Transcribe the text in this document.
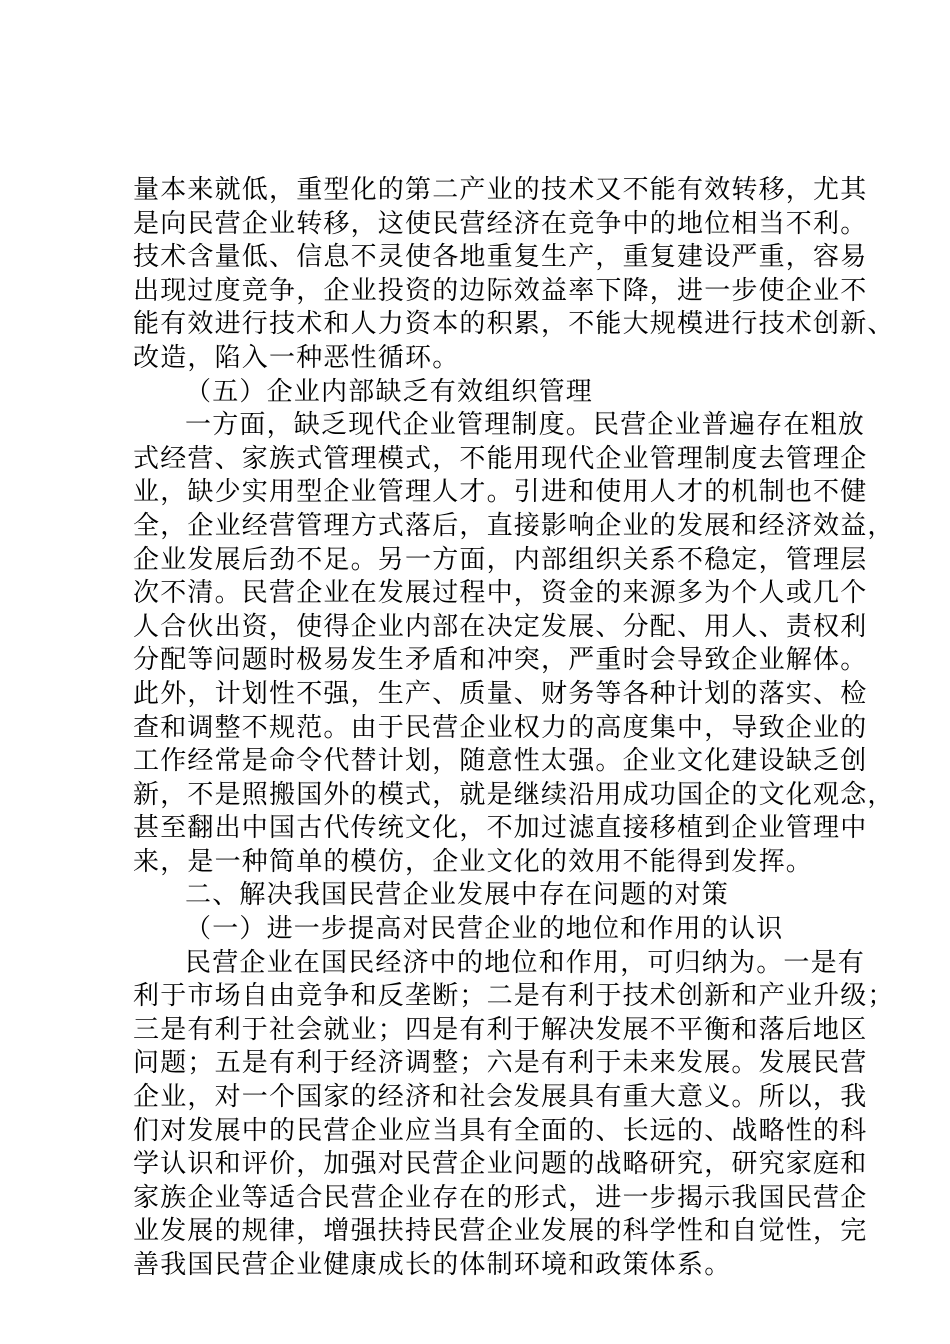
量本来就低，重型化的第二产业的技术又不能有效转移，尤其
是向民营企业转移，这使民营经济在竞争中的地位相当不利。
技术含量低、信息不灵使各地重复生产，重复建设严重，容易
出现过度竞争，企业投资的边际效益率下降，进一步使企业不
能有效进行技术和人力资本的积累，不能大规模进行技术创新、
改造，陷入一种恶性循环。
（五）企业内部缺乏有效组织管理
一方面，缺乏现代企业管理制度。民营企业普遍存在粗放
式经营、家族式管理模式，不能用现代企业管理制度去管理企
业，缺少实用型企业管理人才。引进和使用人才的机制也不健
全，企业经营管理方式落后，直接影响企业的发展和经济效益，
企业发展后劲不足。另一方面，内部组织关系不稳定，管理层
次不清。民营企业在发展过程中，资金的来源多为个人或几个
人合伙出资，使得企业内部在决定发展、分配、用人、责权利
分配等问题时极易发生矛盾和冲突，严重时会导致企业解体。
此外，计划性不强，生产、质量、财务等各种计划的落实、检
查和调整不规范。由于民营企业权力的高度集中，导致企业的
工作经常是命令代替计划，随意性太强。企业文化建设缺乏创
新，不是照搬国外的模式，就是继续沿用成功国企的文化观念，
甚至翻出中国古代传统文化，不加过滤直接移植到企业管理中
来，是一种简单的模仿，企业文化的效用不能得到发挥。
二、解决我国民营企业发展中存在问题的对策
（一）进一步提高对民营企业的地位和作用的认识
民营企业在国民经济中的地位和作用，可归纳为。一是有
利于市场自由竞争和反垄断；二是有利于技术创新和产业升级；
三是有利于社会就业；四是有利于解决发展不平衡和落后地区
问题；五是有利于经济调整；六是有利于未来发展。发展民营
企业，对一个国家的经济和社会发展具有重大意义。所以，我
们对发展中的民营企业应当具有全面的、长远的、战略性的科
学认识和评价，加强对民营企业问题的战略研究，研究家庭和
家族企业等适合民营企业存在的形式，进一步揭示我国民营企
业发展的规律，增强扶持民营企业发展的科学性和自觉性，完
善我国民营企业健康成长的体制环境和政策体系。
